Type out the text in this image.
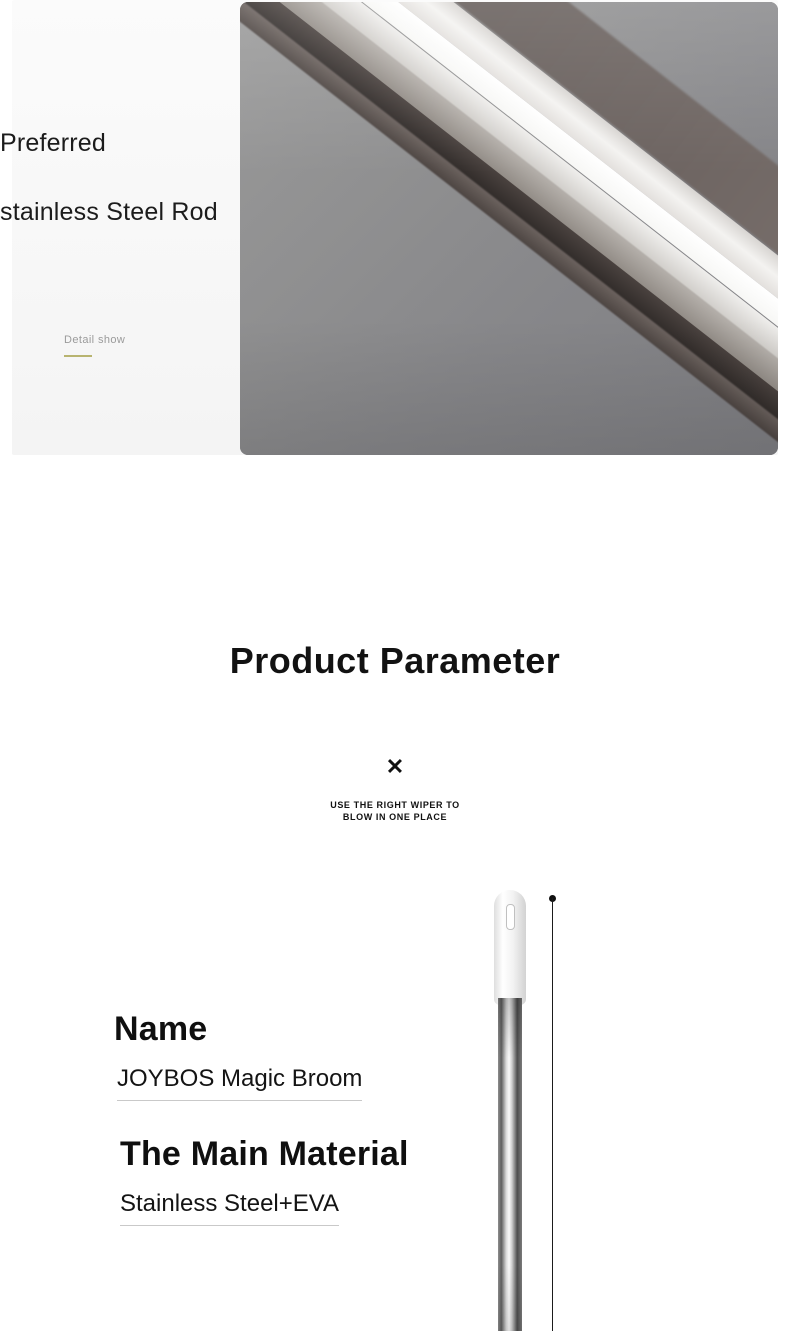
Preferred
stainless Steel Rod
Detail show
Product Parameter
✕
USE THE RIGHT WIPER TO
BLOW IN ONE PLACE
Name
JOYBOS Magic Broom
The Main Material
Stainless Steel+EVA
